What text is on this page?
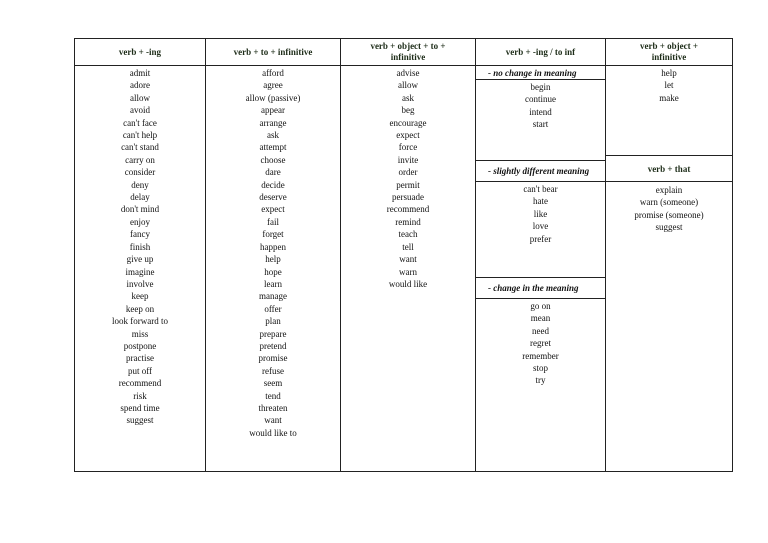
verb + -ing
admit
adore
allow
avoid
can't face
can't help
can't stand
carry on
consider
deny
delay
don't mind
enjoy
fancy
finish
give up
imagine
involve
keep
keep on
look forward to
miss
postpone
practise
put off
recommend
risk
spend time
suggest
verb + to + infinitive
afford
agree
allow (passive)
appear
arrange
ask
attempt
choose
dare
decide
deserve
expect
fail
forget
happen
help
hope
learn
manage
offer
plan
prepare
pretend
promise
refuse
seem
tend
threaten
want
would like to
verb + object + to +
infinitive
advise
allow
ask
beg
encourage
expect
force
invite
order
permit
persuade
recommend
remind
teach
tell
want
warn
would like
verb + -ing / to inf
- no change in meaning
begin
continue
intend
start
- slightly different meaning
can't bear
hate
like
love
prefer
- change in the meaning
go on
mean
need
regret
remember
stop
try
verb + object +
infinitive
help
let
make
verb + that
explain
warn (someone)
promise (someone)
suggest
